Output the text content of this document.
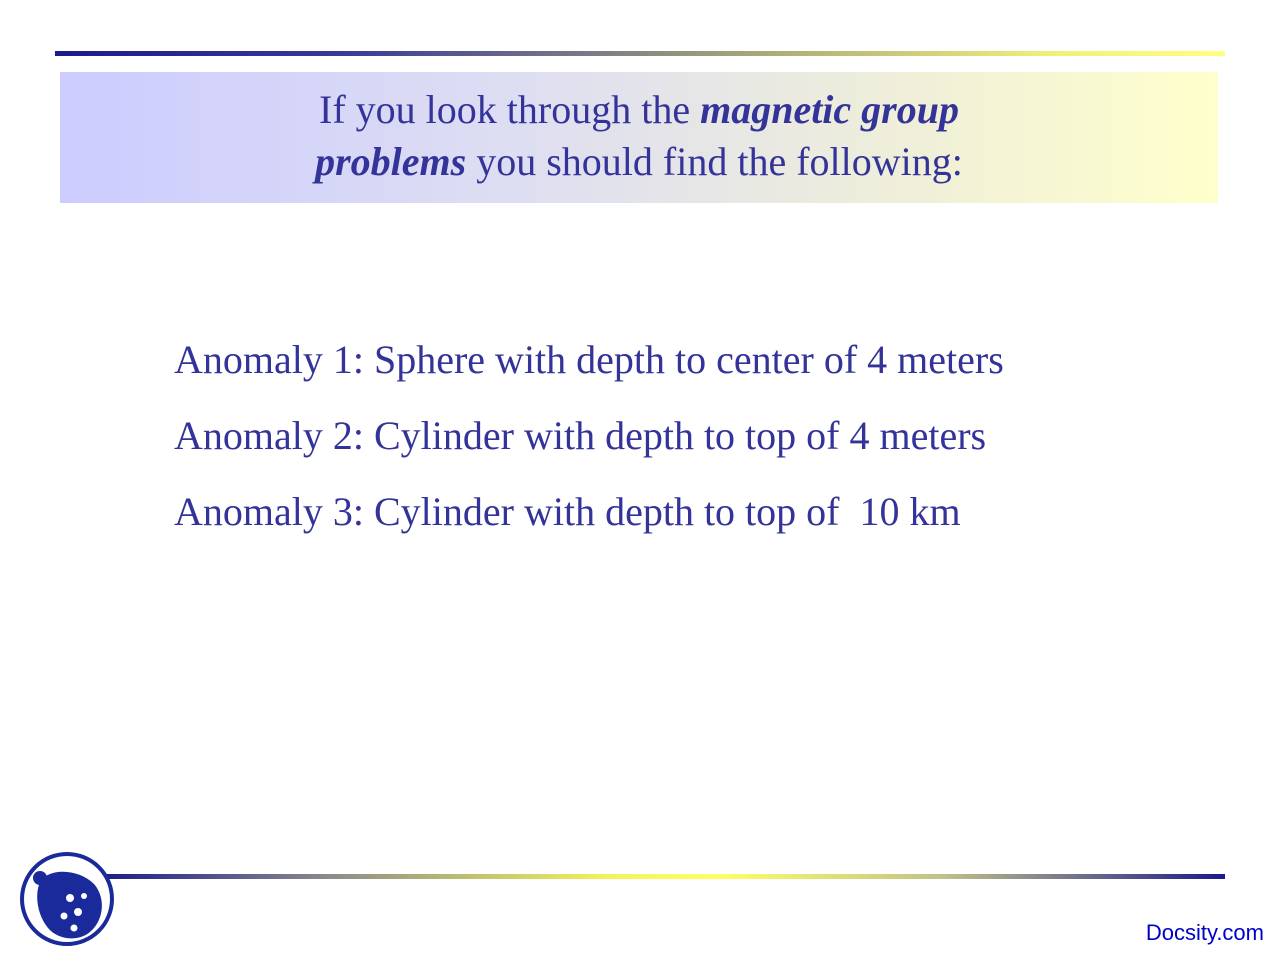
If you look through the magnetic group
problems you should find the following:
Anomaly 1: Sphere with depth to center of 4 meters
Anomaly 2: Cylinder with depth to top of 4 meters
Anomaly 3: Cylinder with depth to top of  10 km
Docsity.com
